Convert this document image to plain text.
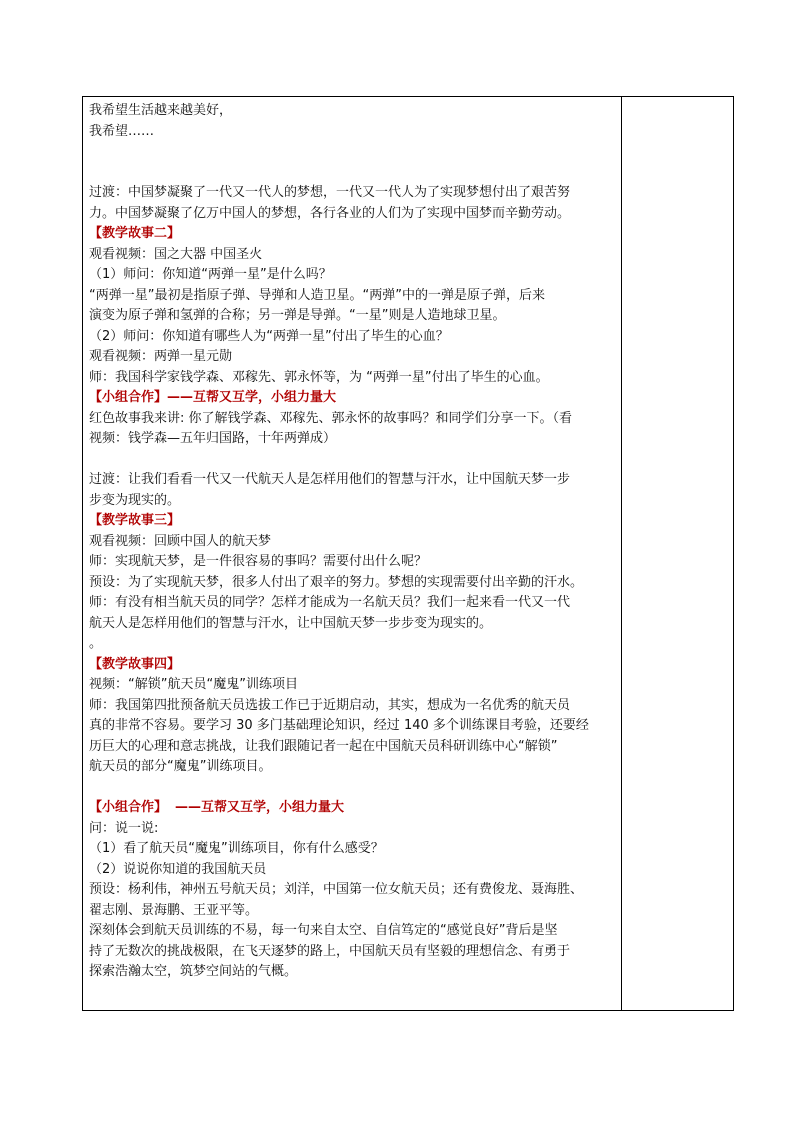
我希望生活越来越美好，
我希望……
过渡：中国梦凝聚了一代又一代人的梦想，一代又一代人为了实现梦想付出了艰苦努
力。中国梦凝聚了亿万中国人的梦想，各行各业的人们为了实现中国梦而辛勤劳动。
【教学故事二】
观看视频：国之大器 中国圣火
（1）师问：你知道“两弹一星”是什么吗？
“两弹一星”最初是指原子弹、导弹和人造卫星。“两弹”中的一弹是原子弹，后来
演变为原子弹和氢弹的合称；另一弹是导弹。“一星”则是人造地球卫星。
（2）师问：你知道有哪些人为“两弹一星”付出了毕生的心血？
观看视频：两弹一星元勋
师：我国科学家钱学森、邓稼先、郭永怀等，为 “两弹一星”付出了毕生的心血。
【小组合作】——互帮又互学，小组力量大
红色故事我来讲: 你了解钱学森、邓稼先、郭永怀的故事吗？和同学们分享一下。（看
视频：钱学森—五年归国路，十年两弹成）
过渡：让我们看看一代又一代航天人是怎样用他们的智慧与汗水，让中国航天梦一步
步变为现实的。
【教学故事三】
观看视频：回顾中国人的航天梦
师：实现航天梦，是一件很容易的事吗？需要付出什么呢？
预设：为了实现航天梦，很多人付出了艰辛的努力。梦想的实现需要付出辛勤的汗水。
师：有没有相当航天员的同学？怎样才能成为一名航天员？我们一起来看一代又一代
航天人是怎样用他们的智慧与汗水，让中国航天梦一步步变为现实的。
。
【教学故事四】
视频：“解锁”航天员“魔鬼”训练项目
师：我国第四批预备航天员选拔工作已于近期启动，其实，想成为一名优秀的航天员
真的非常不容易。要学习 30 多门基础理论知识，经过 140 多个训练课目考验，还要经
历巨大的心理和意志挑战，让我们跟随记者一起在中国航天员科研训练中心“解锁”
航天员的部分“魔鬼”训练项目。
【小组合作】 ——互帮又互学，小组力量大
问：说一说:
（1）看了航天员“魔鬼”训练项目，你有什么感受？
（2）说说你知道的我国航天员
预设：杨利伟，神州五号航天员；刘洋，中国第一位女航天员；还有费俊龙、聂海胜、
翟志刚、景海鹏、王亚平等。
深刻体会到航天员训练的不易，每一句来自太空、自信笃定的“感觉良好”背后是坚
持了无数次的挑战极限，在飞天逐梦的路上，中国航天员有坚毅的理想信念、有勇于
探索浩瀚太空，筑梦空间站的气概。
